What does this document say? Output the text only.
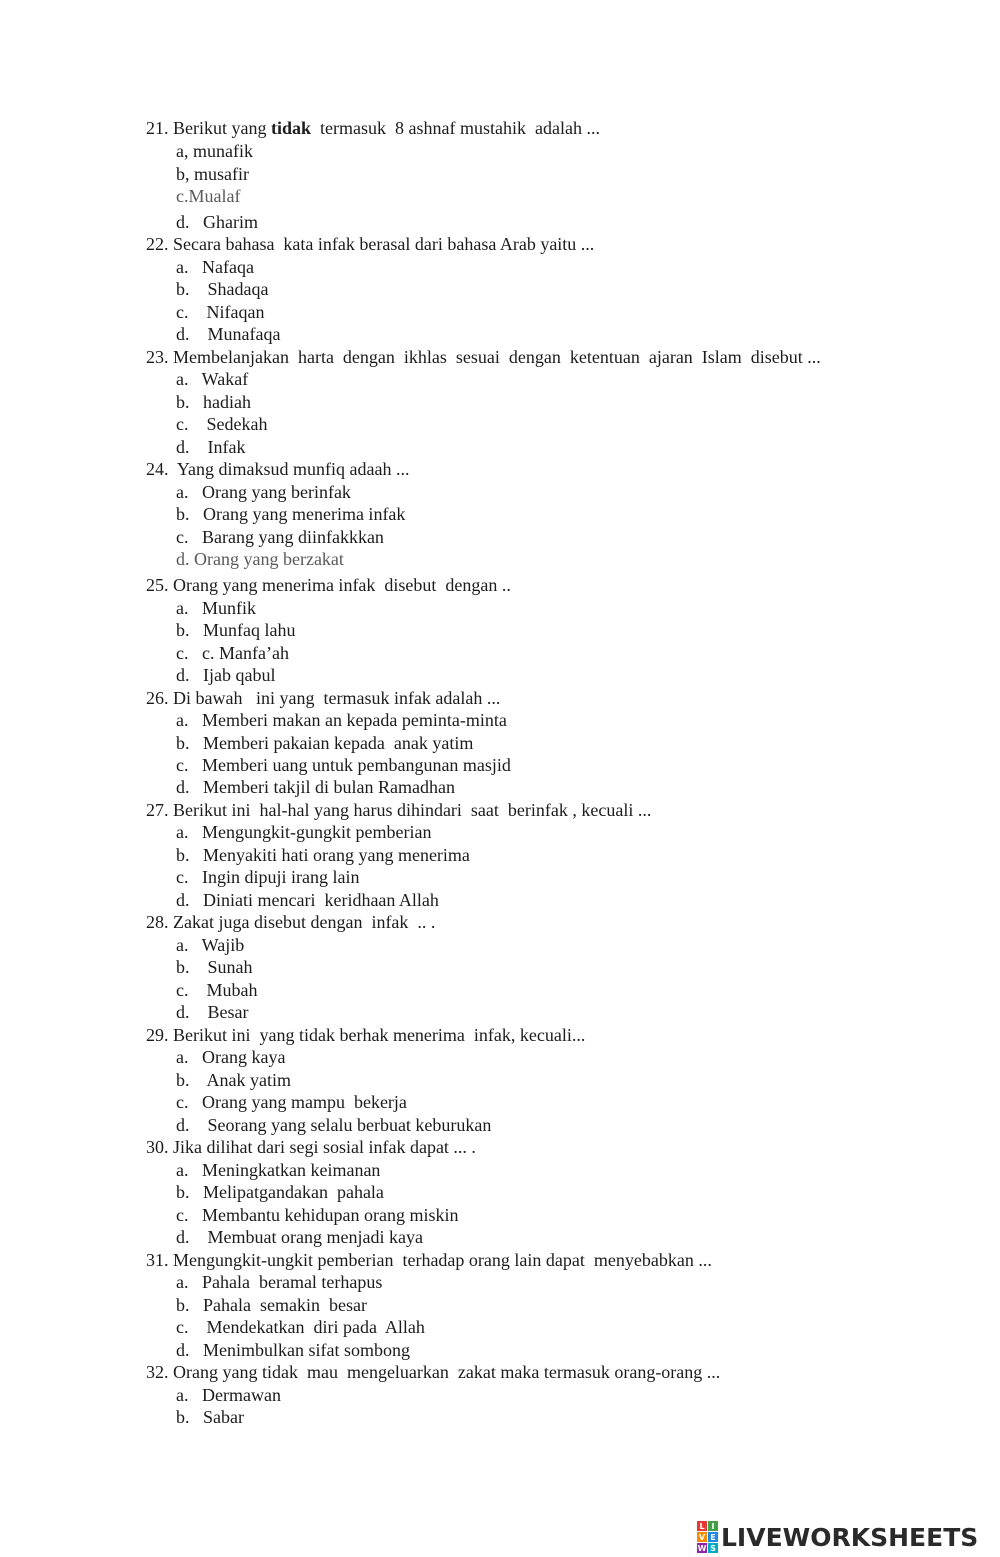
21. Berikut yang tidak  termasuk  8 ashnaf mustahik  adalah ...
a, munafik
b, musafir
c.Mualaf
d.   Gharim
22. Secara bahasa  kata infak berasal dari bahasa Arab yaitu ...
a.   Nafaqa
b.    Shadaqa
c.    Nifaqan
d.    Munafaqa
23. Membelanjakan  harta  dengan  ikhlas  sesuai  dengan  ketentuan  ajaran  Islam  disebut ...
a.   Wakaf
b.   hadiah
c.    Sedekah
d.    Infak
24.  Yang dimaksud munfiq adaah ...
a.   Orang yang berinfak
b.   Orang yang menerima infak
c.   Barang yang diinfakkkan
d. Orang yang berzakat
25. Orang yang menerima infak  disebut  dengan ..
a.   Munfik
b.   Munfaq lahu
c.   c. Manfa’ah
d.   Ijab qabul
26. Di bawah   ini yang  termasuk infak adalah ...
a.   Memberi makan an kepada peminta-minta
b.   Memberi pakaian kepada  anak yatim
c.   Memberi uang untuk pembangunan masjid
d.   Memberi takjil di bulan Ramadhan
27. Berikut ini  hal-hal yang harus dihindari  saat  berinfak , kecuali ...
a.   Mengungkit-gungkit pemberian
b.   Menyakiti hati orang yang menerima
c.   Ingin dipuji irang lain
d.   Diniati mencari  keridhaan Allah
28. Zakat juga disebut dengan  infak  .. .
a.   Wajib
b.    Sunah
c.    Mubah
d.    Besar
29. Berikut ini  yang tidak berhak menerima  infak, kecuali...
a.   Orang kaya
b.    Anak yatim
c.   Orang yang mampu  bekerja
d.    Seorang yang selalu berbuat keburukan
30. Jika dilihat dari segi sosial infak dapat ... .
a.   Meningkatkan keimanan
b.   Melipatgandakan  pahala
c.   Membantu kehidupan orang miskin
d.    Membuat orang menjadi kaya
31. Mengungkit-ungkit pemberian  terhadap orang lain dapat  menyebabkan ...
a.   Pahala  beramal terhapus
b.   Pahala  semakin  besar
c.    Mendekatkan  diri pada  Allah
d.   Menimbulkan sifat sombong
32. Orang yang tidak  mau  mengeluarkan  zakat maka termasuk orang-orang ...
a.   Dermawan
b.   Sabar
L I
V E
W S LIVEWORKSHEETS
